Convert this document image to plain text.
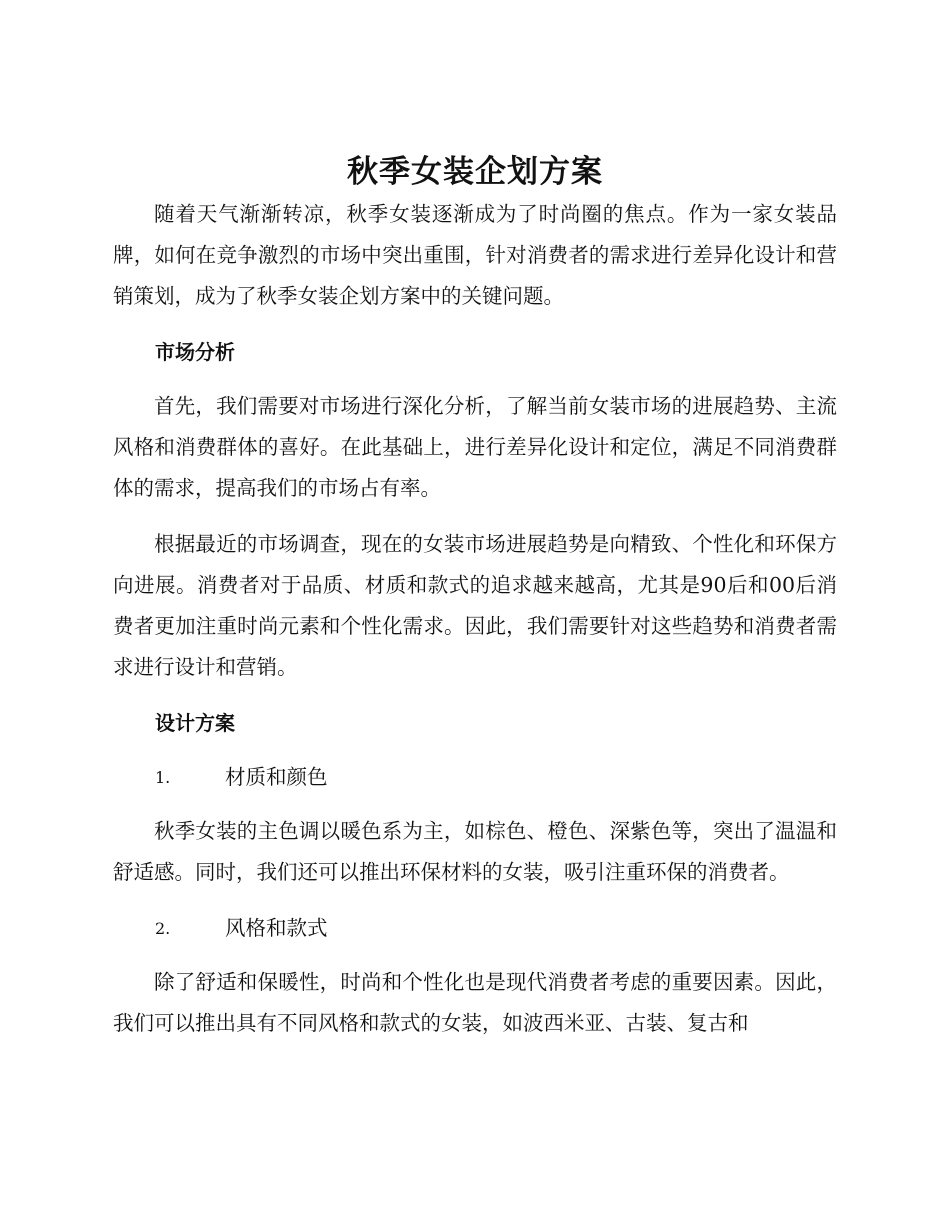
秋季女装企划方案

随着天气渐渐转凉，秋季女装逐渐成为了时尚圈的焦点。作为一家女装品牌，如何在竞争激烈的市场中突出重围，针对消费者的需求进行差异化设计和营销策划，成为了秋季女装企划方案中的关键问题。

市场分析

首先，我们需要对市场进行深化分析，了解当前女装市场的进展趋势、主流风格和消费群体的喜好。在此基础上，进行差异化设计和定位，满足不同消费群体的需求，提高我们的市场占有率。

根据最近的市场调查，现在的女装市场进展趋势是向精致、个性化和环保方向进展。消费者对于品质、材质和款式的追求越来越高，尤其是90后和00后消费者更加注重时尚元素和个性化需求。因此，我们需要针对这些趋势和消费者需求进行设计和营销。

设计方案
1.	材质和颜色

秋季女装的主色调以暖色系为主，如棕色、橙色、深紫色等，突出了温温和舒适感。同时，我们还可以推出环保材料的女装，吸引注重环保的消费者。

2.	风格和款式

除了舒适和保暖性，时尚和个性化也是现代消费者考虑的重要因素。因此，我们可以推出具有不同风格和款式的女装，如波西米亚、古装、复古和
